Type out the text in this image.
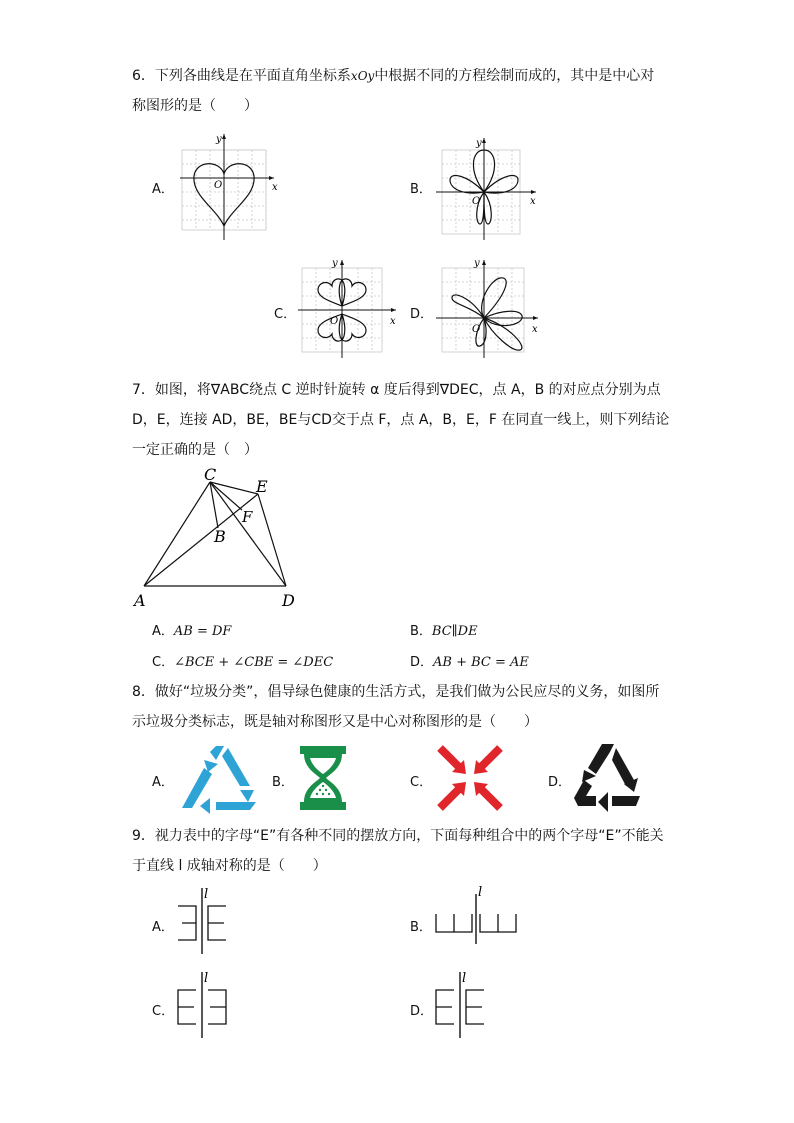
6．下列各曲线是在平面直角坐标系xOy中根据不同的方程绘制而成的，其中是中心对
称图形的是（　　）
A．
y
x
O	B．
y
x
O
C．
y
x
O	D．
y
x
O
7．如图，将∇ABC绕点 C 逆时针旋转 α 度后得到∇DEC，点 A，B 的对应点分别为点
D，E，连接 AD，BE，BE与CD交于点 F，点 A，B，E，F 在同直一线上，则下列结论
一定正确的是（　）
C
E
F
B
A	D
A．AB = DF	B．BC∥DE
C．∠BCE + ∠CBE = ∠DEC	D．AB + BC = AE
8．做好“垃圾分类”，倡导绿色健康的生活方式，是我们做为公民应尽的义务，如图所
示垃圾分类标志，既是轴对称图形又是中心对称图形的是（　　）
A．	B．	C．	D．
9．视力表中的字母“E”有各种不同的摆放方向，下面每种组合中的两个字母“E”不能关
于直线 l 成轴对称的是（　　）
A．
l
B．
l
C．
l
D．
l
